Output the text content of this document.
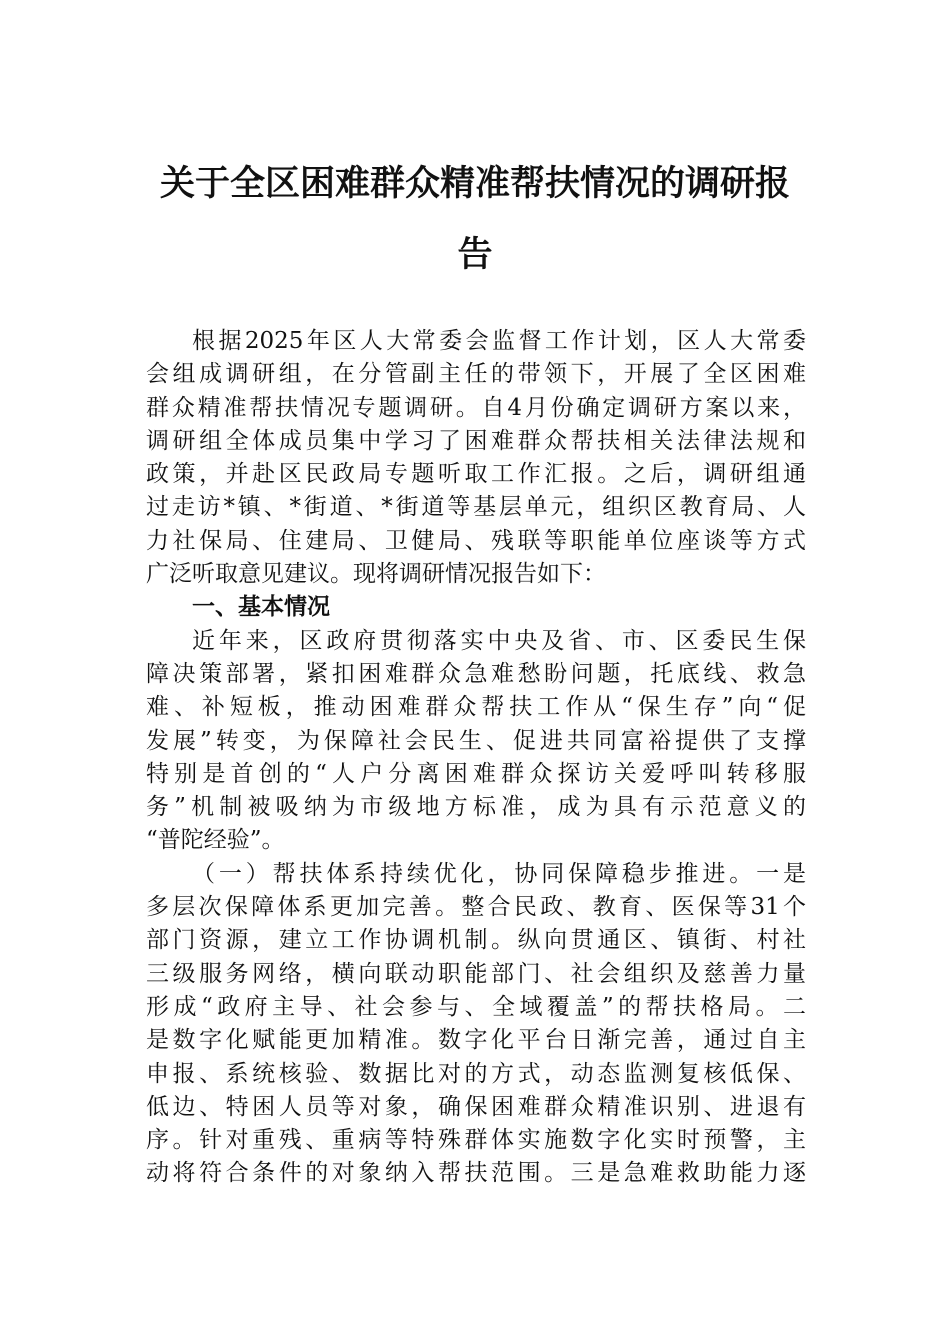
关于全区困难群众精准帮扶情况的调研报
告
根据2025年区人大常委会监督工作计划，区人大常委
会组成调研组，在分管副主任的带领下，开展了全区困难
群众精准帮扶情况专题调研。自4月份确定调研方案以来，
调研组全体成员集中学习了困难群众帮扶相关法律法规和
政策，并赴区民政局专题听取工作汇报。之后，调研组通
过走访*镇、*街道、*街道等基层单元，组织区教育局、人
力社保局、住建局、卫健局、残联等职能单位座谈等方式
广泛听取意见建议。现将调研情况报告如下：
一、基本情况
近年来，区政府贯彻落实中央及省、市、区委民生保
障决策部署，紧扣困难群众急难愁盼问题，托底线、救急
难、补短板，推动困难群众帮扶工作从“保生存”向“促
发展”转变，为保障社会民生、促进共同富裕提供了支撑
特别是首创的“人户分离困难群众探访关爱呼叫转移服
务”机制被吸纳为市级地方标准，成为具有示范意义的
“普陀经验”。
（一）帮扶体系持续优化，协同保障稳步推进。一是
多层次保障体系更加完善。整合民政、教育、医保等31个
部门资源，建立工作协调机制。纵向贯通区、镇街、村社
三级服务网络，横向联动职能部门、社会组织及慈善力量
形成“政府主导、社会参与、全域覆盖”的帮扶格局。二
是数字化赋能更加精准。数字化平台日渐完善，通过自主
申报、系统核验、数据比对的方式，动态监测复核低保、
低边、特困人员等对象，确保困难群众精准识别、进退有
序。针对重残、重病等特殊群体实施数字化实时预警，主
动将符合条件的对象纳入帮扶范围。三是急难救助能力逐
